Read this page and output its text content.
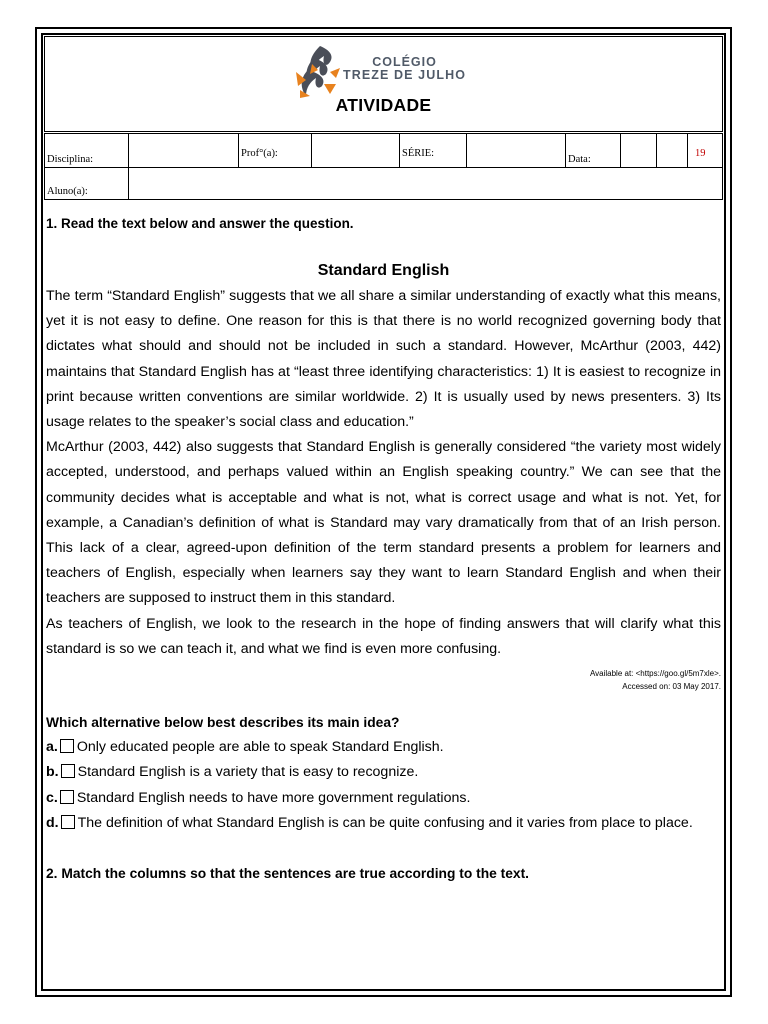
COLÉGIO
TREZE DE JULHO
ATIVIDADE
Disciplina:
Prof°(a):	SÉRIE:
Data:
19
Aluno(a):
1. Read the text below and answer the question.
Standard English

The term “Standard English” suggests that we all share a similar understanding of exactly what this means, yet it is not easy to define. One reason for this is that there is no world recognized governing body that dictates what should and should not be included in such a standard. However, McArthur (2003, 442) maintains that Standard English has at “least three identifying characteristics: 1) It is easiest to recognize in print because written conventions are similar worldwide. 2) It is usually used by news presenters. 3) Its usage relates to the speaker’s social class and education.”

McArthur (2003, 442) also suggests that Standard English is generally considered “the variety most widely accepted, understood, and perhaps valued within an English speaking country.” We can see that the community decides what is acceptable and what is not, what is correct usage and what is not. Yet, for example, a Canadian’s definition of what is Standard may vary dramatically from that of an Irish person. This lack of a clear, agreed-upon definition of the term standard presents a problem for learners and teachers of English, especially when learners say they want to learn Standard English and when their teachers are supposed to instruct them in this standard.

As teachers of English, we look to the research in the hope of finding answers that will clarify what this standard is so we can teach it, and what we find is even more confusing.

Available at: <https://goo.gl/5m7xle>.
Accessed on: 03 May 2017.
Which alternative below best describes its main idea?
a. Only educated people are able to speak Standard English.
b. Standard English is a variety that is easy to recognize.
c. Standard English needs to have more government regulations.
d. The definition of what Standard English is can be quite confusing and it varies from place to place.
2. Match the columns so that the sentences are true according to the text.
